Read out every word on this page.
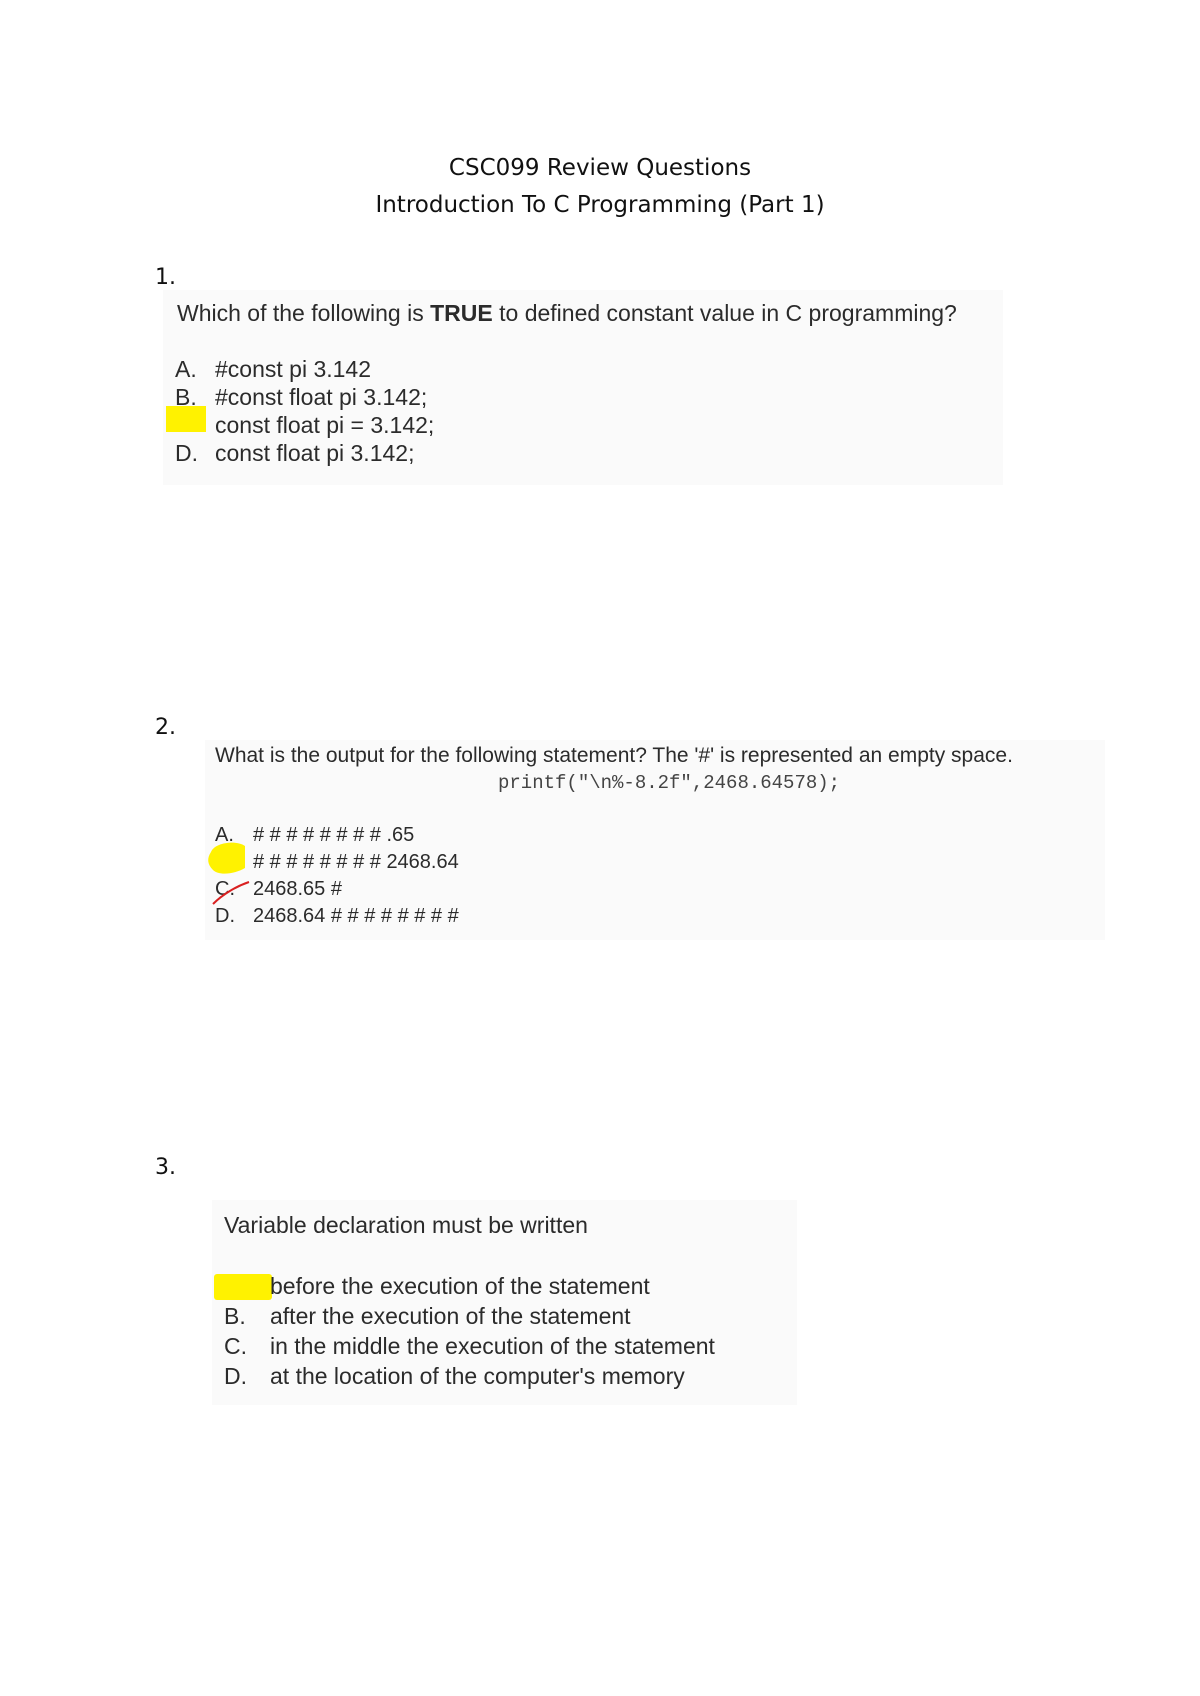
CSC099 Review Questions
Introduction To C Programming (Part 1)
1.
Which of the following is TRUE to defined constant value in C programming?
A. #const pi 3.142
B. #const float pi 3.142;
const float pi = 3.142;
D. const float pi 3.142;
2.
What is the output for the following statement? The '#' is represented an empty space.
printf("\n%-8.2f",2468.64578);
A. # # # # # # # # .65
# # # # # # # # 2468.64
C. 2468.65 #
D. 2468.64 # # # # # # # #
3.
Variable declaration must be written
before the execution of the statement
B. after the execution of the statement
C. in the middle the execution of the statement
D. at the location of the computer's memory
